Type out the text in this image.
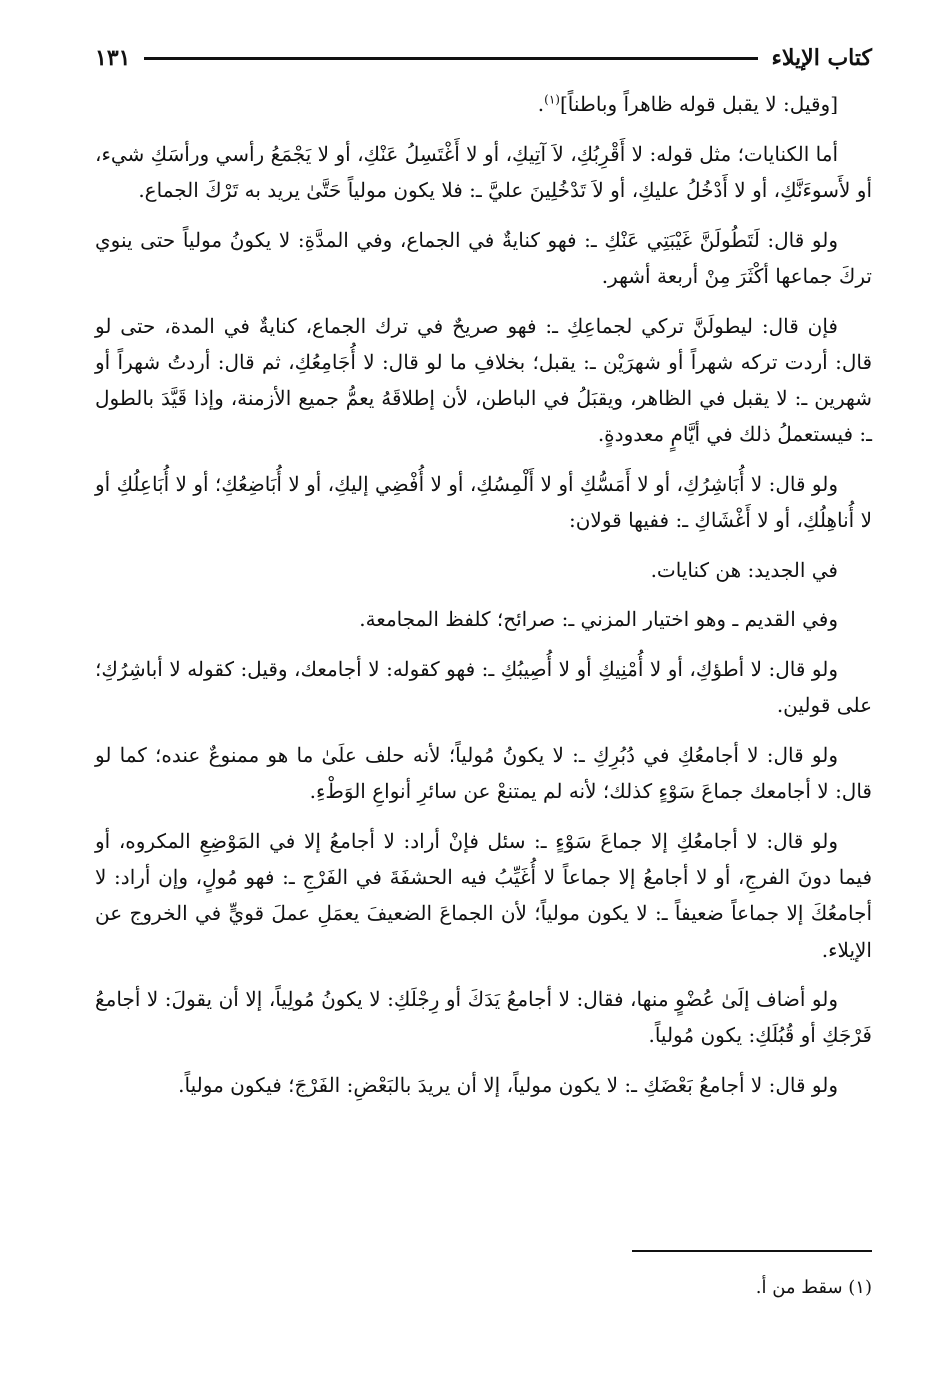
كتاب الإيلاء
١٣١

[وقيل: لا يقبل قوله ظاهراً وباطناً]$^{(١)}$.

أما الكنايات؛ مثل قوله: لا أَقْرِبُكِ، لاَ آتِيكِ، أو لا أَغْتَسِلُ عَنْكِ، أو لا يَجْمَعُ رأسي ورأسَكِ شيء، أو لأَسوءَنَّكِ، أو لا أَدْخُلُ عليكِ، أو لاَ تَدْخُلِينَ عليَّ ـ: فلا يكون مولياً حَتَّىٰ يريد به تَرْكَ الجماع.

ولو قال: لَتَطُولَنَّ غَيْبَتِي عَنْكِ ـ: فهو كنايةٌ في الجماع، وفي المدَّةِ: لا يكونُ مولياً حتى ينوي تركَ جماعها أكْثَرَ مِنْ أربعة أشهر.

فإن قال: ليطولَنَّ تركي لجماعِكِ ـ: فهو صريحٌ في ترك الجماع، كنايةٌ في المدة، حتى لو قال: أردت تركه شهراً أو شهرَيْن ـ: يقبل؛ بخلافِ ما لو قال: لا أُجَامِعُكِ، ثم قال: أردتُ شهراً أو شهرين ـ: لا يقبل في الظاهر، ويقبَلُ في الباطن، لأن إطلاقَهُ يعمُّ جميع الأزمنة، وإذا قَيَّدَ بالطول ـ: فيستعملُ ذلك في أيَّامٍ معدودةٍ.

ولو قال: لا أُبَاشِرُكِ، أو لا أَمَسُّكِ أو لا أَلْمِسُكِ، أو لا أُفْضِي إليكِ، أو لا أُبَاضِعُكِ؛ أو لا أُبَاعِلُكِ أو لا أُناهِلُكِ، أو لا أَغْشَاكِ ـ: ففيها قولان:

في الجديد: هن كنايات.

وفي القديم ـ وهو اختيار المزني ـ: صرائح؛ كلفظ المجامعة.

ولو قال: لا أطؤكِ، أو لا أُمْنِيكِ أو لا أُصِيبُكِ ـ: فهو كقوله: لا أجامعك، وقيل: كقوله لا أباشِرُكِ؛ على قولين.

ولو قال: لا أجامعُكِ في دُبُرِكِ ـ: لا يكونُ مُولياً؛ لأنه حلف علَىٰ ما هو ممنوعٌ عنده؛ كما لو قال: لا أجامعك جماعَ سَوْءٍ كذلك؛ لأنه لم يمتنعْ عن سائرِ أنواعِ الوَطْءِ.

ولو قال: لا أجامعُكِ إلا جماعَ سَوْءٍ ـ: سئل فإنْ أراد: لا أجامعُ إلا في المَوْضِعِ المكروه، أو فيما دونَ الفرجِ، أو لا أجامعُ إلا جماعاً لا أُغَيِّبُ فيه الحشفَةَ في الفَرْجِ ـ: فهو مُولٍ، وإن أراد: لا أجامعُكَ إلا جماعاً ضعيفاً ـ: لا يكون مولياً؛ لأن الجماعَ الضعيفَ يعمَلِ عملَ قويٍّ في الخروج عن الإيلاء.

ولو أضاف إلَىٰ عُضْوٍ منها، فقال: لا أجامعُ يَدَكَ أو رِجْلَكِ: لا يكونُ مُولِياً، إلا أن يقولَ: لا أجامعُ فَرْجَكِ أو قُبُلَكِ: يكون مُولياً.

ولو قال: لا أجامعُ بَعْضَكِ ـ: لا يكون مولياً، إلا أن يريدَ بالبَعْضِ: الفَرْجَ؛ فيكون مولياً.

(١) سقط من أ.
